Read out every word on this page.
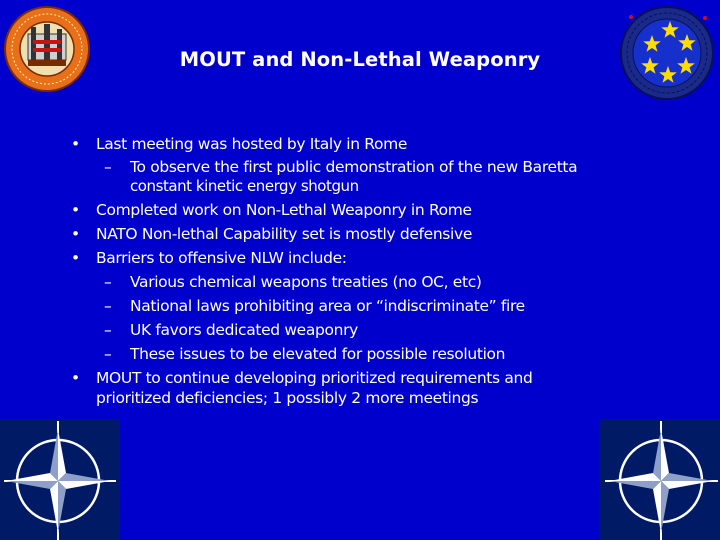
MOUT and Non-Lethal Weaponry
• Last meeting was hosted by Italy in Rome
– To observe the first public demonstration of the new Baretta
constant kinetic energy shotgun
• Completed work on Non-Lethal Weaponry in Rome
• NATO Non-lethal Capability set is mostly defensive
• Barriers to offensive NLW include:
– Various chemical weapons treaties (no OC, etc)
– National laws prohibiting area or “indiscriminate” fire
– UK favors dedicated weaponry
– These issues to be elevated for possible resolution
• MOUT to continue developing prioritized requirements and
prioritized deficiencies; 1 possibly 2 more meetings
